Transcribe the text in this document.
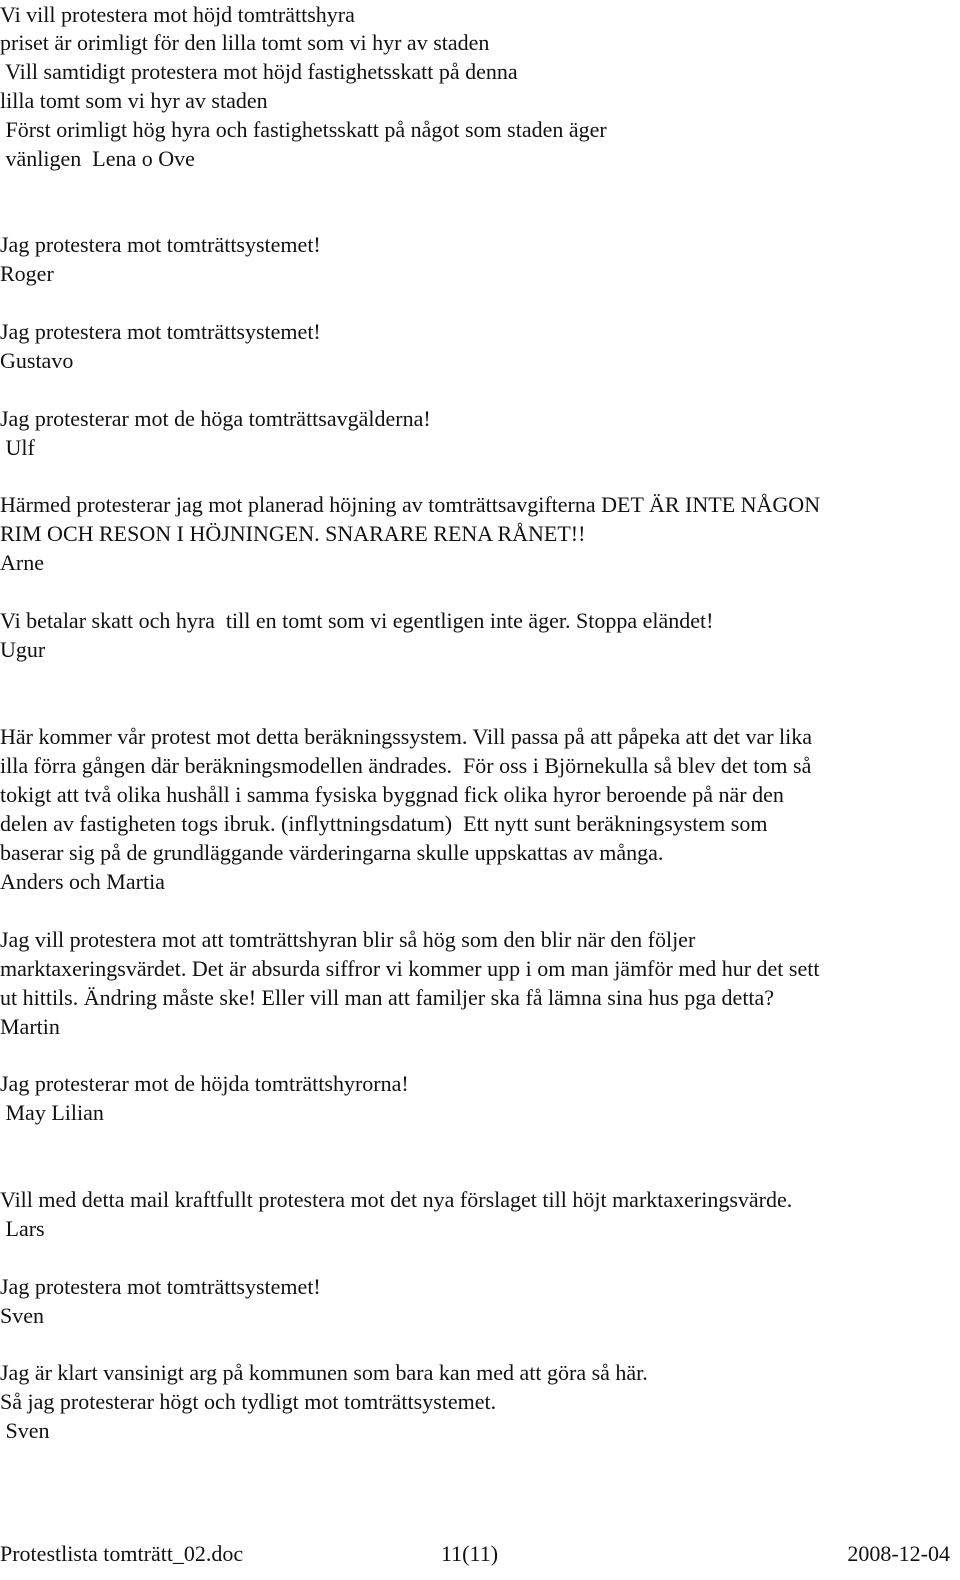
Vi vill protestera mot höjd tomträttshyra
priset är orimligt för den lilla tomt som vi hyr av staden
Vill samtidigt protestera mot höjd fastighetsskatt på denna
lilla tomt som vi hyr av staden
Först orimligt hög hyra och fastighetsskatt på något som staden äger
vänligen  Lena o Ove
Jag protestera mot tomträttsystemet!
Roger
Jag protestera mot tomträttsystemet!
Gustavo
Jag protesterar mot de höga tomträttsavgälderna!
Ulf
Härmed protesterar jag mot planerad höjning av tomträttsavgifterna DET ÄR INTE NÅGON
RIM OCH RESON I HÖJNINGEN. SNARARE RENA RÅNET!!
Arne
Vi betalar skatt och hyra  till en tomt som vi egentligen inte äger. Stoppa eländet!
Ugur
Här kommer vår protest mot detta beräkningssystem. Vill passa på att påpeka att det var lika
illa förra gången där beräkningsmodellen ändrades.  För oss i Björnekulla så blev det tom så
tokigt att två olika hushåll i samma fysiska byggnad fick olika hyror beroende på när den
delen av fastigheten togs ibruk. (inflyttningsdatum)  Ett nytt sunt beräkningsystem som
baserar sig på de grundläggande värderingarna skulle uppskattas av många.
Anders och Martia
Jag vill protestera mot att tomträttshyran blir så hög som den blir när den följer
marktaxeringsvärdet. Det är absurda siffror vi kommer upp i om man jämför med hur det sett
ut hittils. Ändring måste ske! Eller vill man att familjer ska få lämna sina hus pga detta?
Martin
Jag protesterar mot de höjda tomträttshyrorna!
May Lilian
Vill med detta mail kraftfullt protestera mot det nya förslaget till höjt marktaxeringsvärde.
Lars
Jag protestera mot tomträttsystemet!
Sven
Jag är klart vansinigt arg på kommunen som bara kan med att göra så här.
Så jag protesterar högt och tydligt mot tomträttsystemet.
Sven
Protestlista tomträtt_02.doc	11(11)	2008-12-04
